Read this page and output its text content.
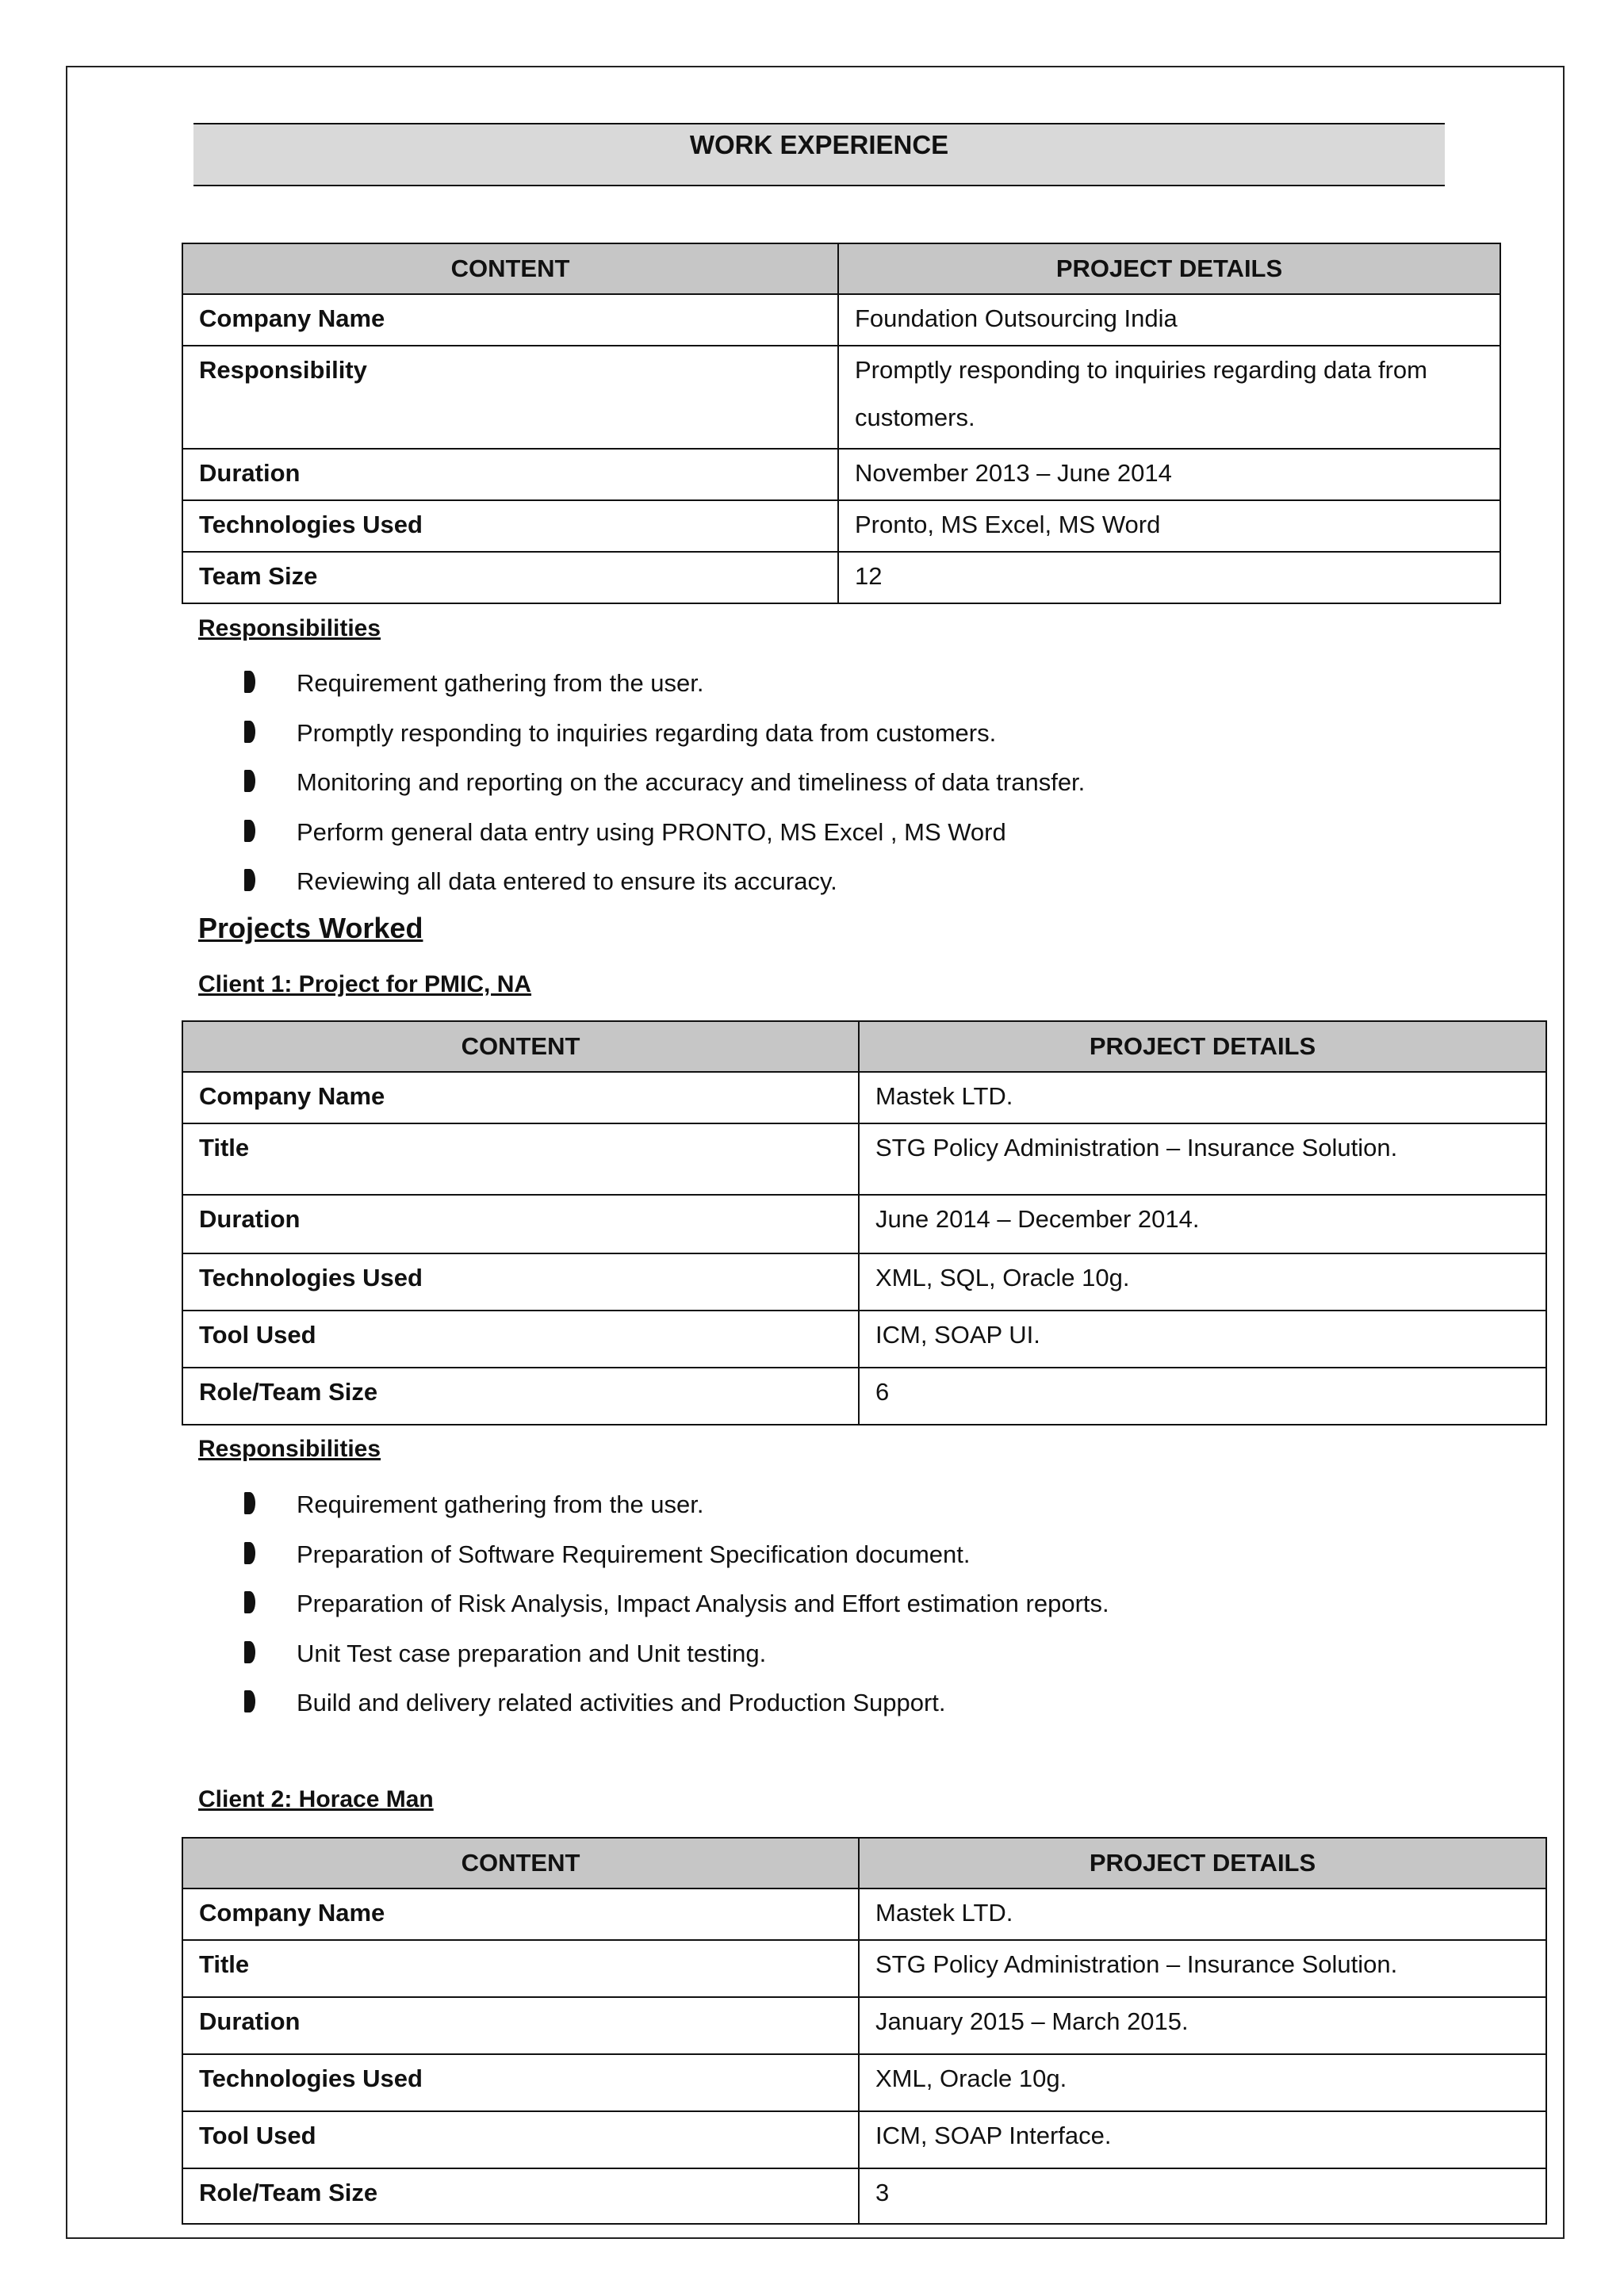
WORK EXPERIENCE
CONTENT	PROJECT DETAILS
Company Name	Foundation Outsourcing India
Responsibility	Promptly responding to inquiries regarding data from customers.
Duration	November 2013 – June 2014
Technologies Used	Pronto, MS Excel, MS Word
Team Size	12
Responsibilities
Requirement gathering from the user.
Promptly responding to inquiries regarding data from customers.
Monitoring and reporting on the accuracy and timeliness of data transfer.
Perform general data entry using PRONTO, MS Excel , MS Word
Reviewing all data entered to ensure its accuracy.
Projects Worked
Client 1: Project for PMIC, NA
CONTENT	PROJECT DETAILS
Company Name	Mastek LTD.
Title	STG Policy Administration – Insurance Solution.
Duration	June 2014 – December 2014.
Technologies Used	XML, SQL, Oracle 10g.
Tool Used	ICM, SOAP UI.
Role/Team Size	6
Responsibilities
Requirement gathering from the user.
Preparation of Software Requirement Specification document.
Preparation of Risk Analysis, Impact Analysis and Effort estimation reports.
Unit Test case preparation and Unit testing.
Build and delivery related activities and Production Support.
Client 2: Horace Man
CONTENT	PROJECT DETAILS
Company Name	Mastek LTD.
Title	STG Policy Administration – Insurance Solution.
Duration	January 2015 – March 2015.
Technologies Used	XML, Oracle 10g.
Tool Used	ICM, SOAP Interface.
Role/Team Size	3
